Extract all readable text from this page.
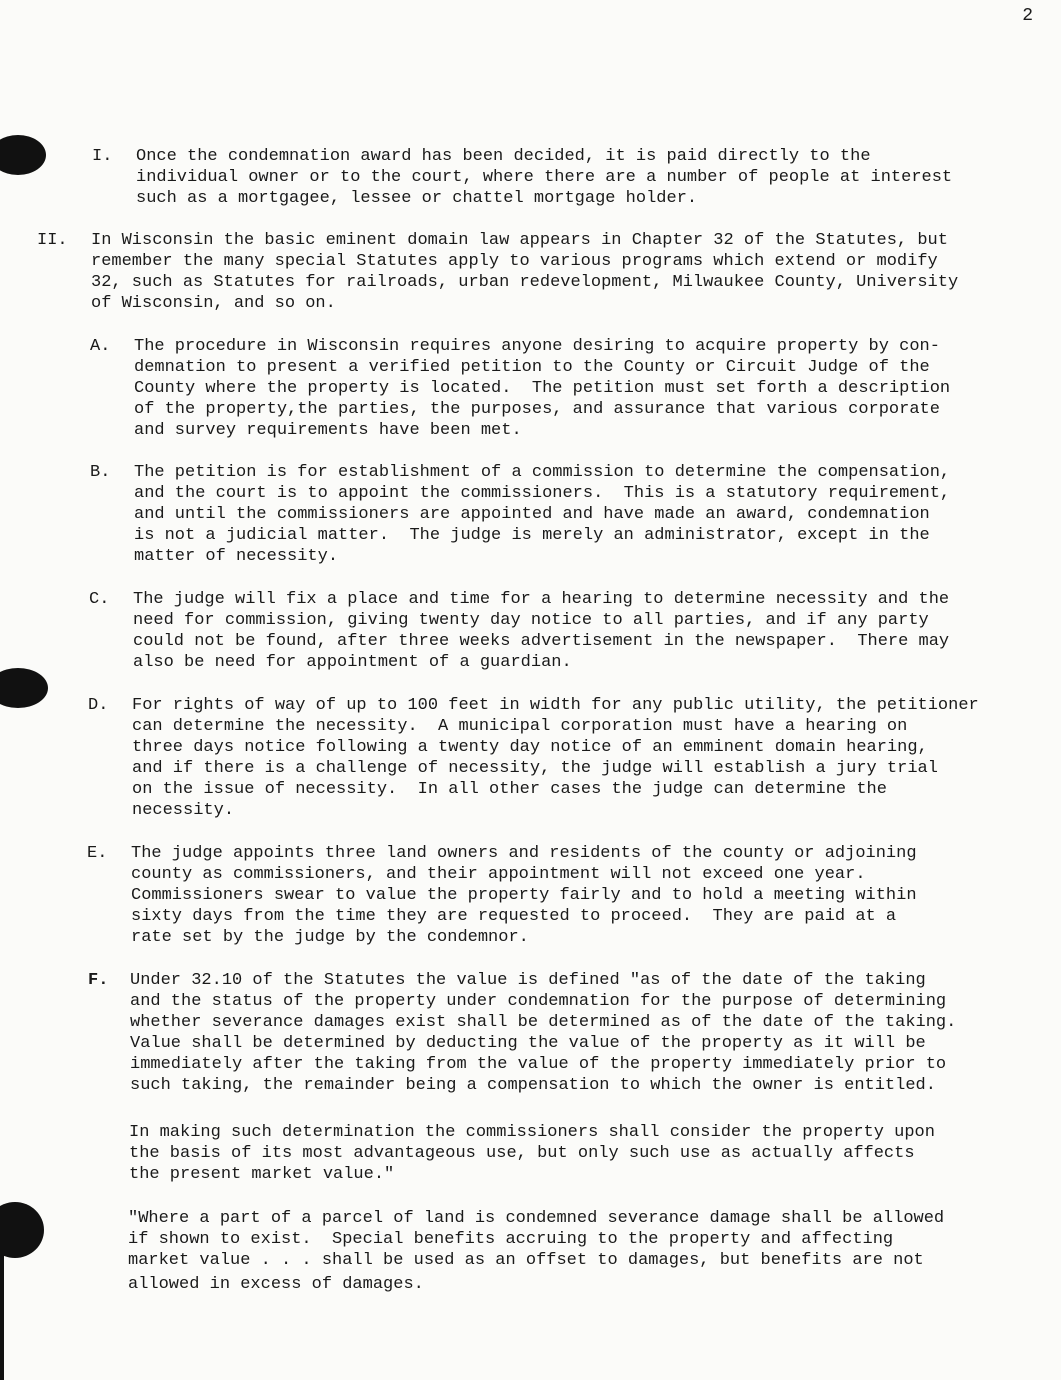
2
I. Once the condemnation award has been decided, it is paid directly to the
individual owner or to the court, where there are a number of people at interest
such as a mortgagee, lessee or chattel mortgage holder.
II. In Wisconsin the basic eminent domain law appears in Chapter 32 of the Statutes, but
remember the many special Statutes apply to various programs which extend or modify
32, such as Statutes for railroads, urban redevelopment, Milwaukee County, University
of Wisconsin, and so on.
A. The procedure in Wisconsin requires anyone desiring to acquire property by con-
demnation to present a verified petition to the County or Circuit Judge of the
County where the property is located.  The petition must set forth a description
of the property,the parties, the purposes, and assurance that various corporate
and survey requirements have been met.
B. The petition is for establishment of a commission to determine the compensation,
and the court is to appoint the commissioners.  This is a statutory requirement,
and until the commissioners are appointed and have made an award, condemnation
is not a judicial matter.  The judge is merely an administrator, except in the
matter of necessity.
C. The judge will fix a place and time for a hearing to determine necessity and the
need for commission, giving twenty day notice to all parties, and if any party
could not be found, after three weeks advertisement in the newspaper.  There may
also be need for appointment of a guardian.
D. For rights of way of up to 100 feet in width for any public utility, the petitioner
can determine the necessity.  A municipal corporation must have a hearing on
three days notice following a twenty day notice of an emminent domain hearing,
and if there is a challenge of necessity, the judge will establish a jury trial
on the issue of necessity.  In all other cases the judge can determine the
necessity.
E. The judge appoints three land owners and residents of the county or adjoining
county as commissioners, and their appointment will not exceed one year.
Commissioners swear to value the property fairly and to hold a meeting within
sixty days from the time they are requested to proceed.  They are paid at a
rate set by the judge by the condemnor.
F. Under 32.10 of the Statutes the value is defined "as of the date of the taking
and the status of the property under condemnation for the purpose of determining
whether severance damages exist shall be determined as of the date of the taking.
Value shall be determined by deducting the value of the property as it will be
immediately after the taking from the value of the property immediately prior to
such taking, the remainder being a compensation to which the owner is entitled.
In making such determination the commissioners shall consider the property upon
the basis of its most advantageous use, but only such use as actually affects
the present market value."
"Where a part of a parcel of land is condemned severance damage shall be allowed
if shown to exist.  Special benefits accruing to the property and affecting
market value . . . shall be used as an offset to damages, but benefits are not
allowed in excess of damages.
